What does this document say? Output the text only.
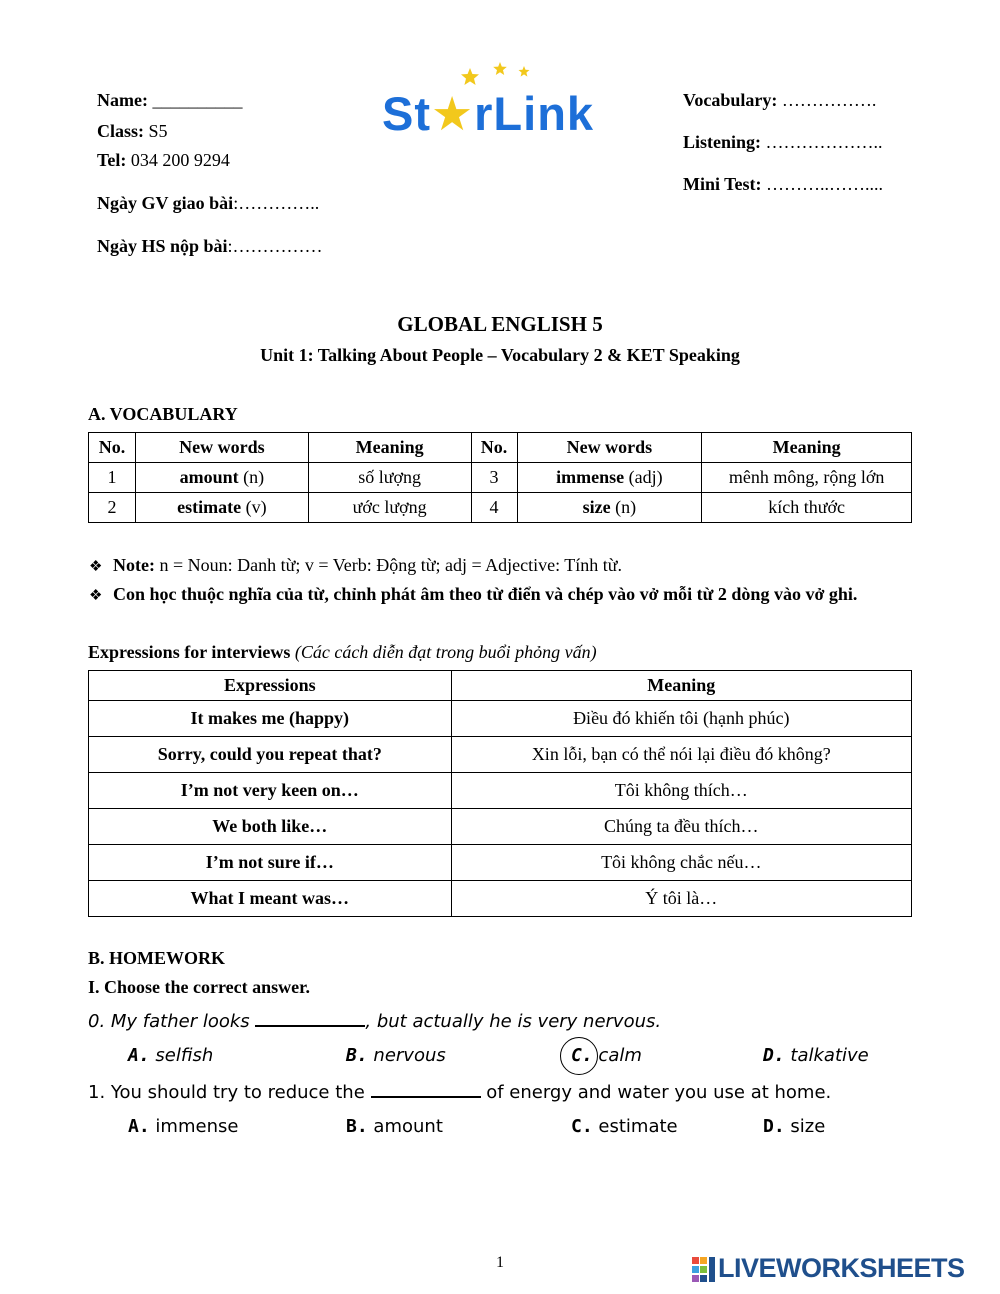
Name: __________
Class: S5
Tel: 034 200 9294
Ngày GV giao bài:…………..
Ngày HS nộp bài:……………
St★rLink	Vocabulary: …………….
Listening: ………………..
Mini Test: ………..……....
GLOBAL ENGLISH 5
Unit 1: Talking About People – Vocabulary 2 & KET Speaking
A. VOCABULARY
No.	New words	Meaning	No.	New words	Meaning
1	amount (n)	số lượng	3	immense (adj)	mênh mông, rộng lớn
2	estimate (v)	ước lượng	4	size (n)	kích thước
❖ Note: n = Noun: Danh từ; v = Verb: Động từ; adj = Adjective: Tính từ.
❖ Con học thuộc nghĩa của từ, chỉnh phát âm theo từ điển và chép vào vở mỗi từ 2 dòng vào vở ghi.
Expressions for interviews (Các cách diễn đạt trong buổi phỏng vấn)
Expressions	Meaning
It makes me (happy)	Điều đó khiến tôi (hạnh phúc)
Sorry, could you repeat that?	Xin lỗi, bạn có thể nói lại điều đó không?
I’m not very keen on…	Tôi không thích…
We both like…	Chúng ta đều thích…
I’m not sure if…	Tôi không chắc nếu…
What I meant was…	Ý tôi là…
B. HOMEWORK
I. Choose the correct answer.
0. My father looks	, but actually he is very nervous.
A. selfish	B. nervous	C. calm	D. talkative
1. You should try to reduce the	of energy and water you use at home.
A. immense	B. amount	C. estimate	D. size
1	LIVEWORKSHEETS
